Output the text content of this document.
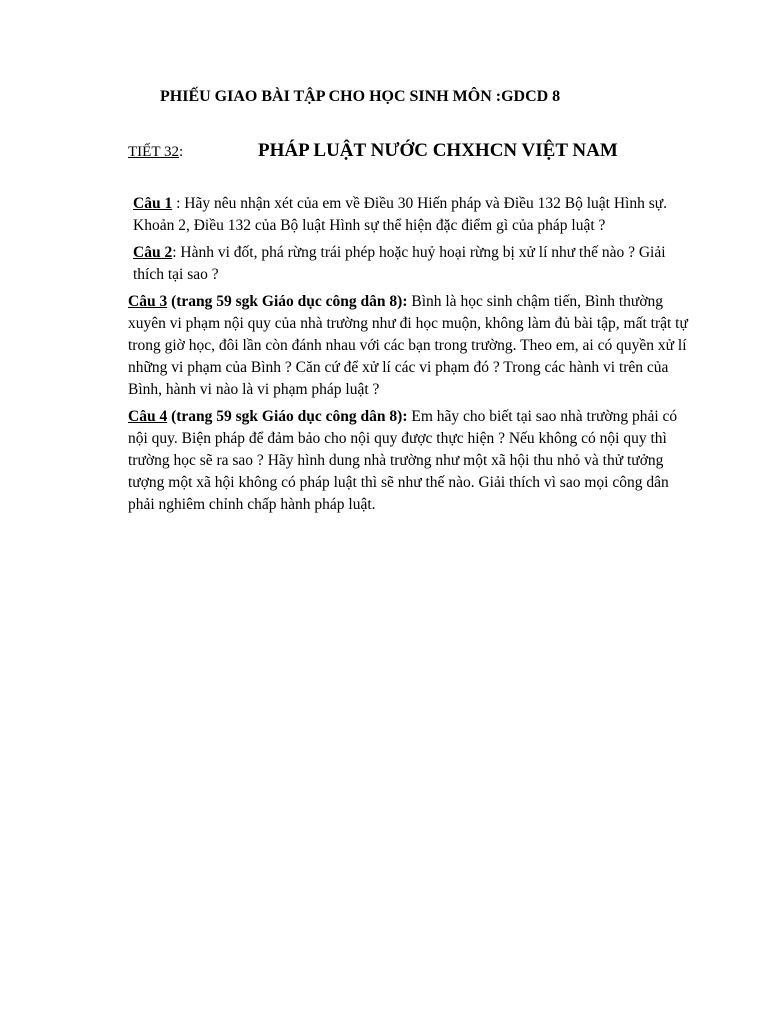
PHIẾU GIAO BÀI TẬP CHO HỌC SINH MÔN :GDCD 8
TIẾT 32:	PHÁP LUẬT NƯỚC CHXHCN VIỆT NAM

Câu 1 : Hãy nêu nhận xét của em về Điều 30 Hiến pháp và Điều 132 Bộ luật Hình sự. Khoản 2, Điều 132 của Bộ luật Hình sự thể hiện đặc điểm gì của pháp luật ?

Câu 2: Hành vi đốt, phá rừng trái phép hoặc huỷ hoại rừng bị xử lí như thế nào ? Giải thích tại sao ?

Câu 3 (trang 59 sgk Giáo dục công dân 8): Bình là học sinh chậm tiến, Bình thường xuyên vi phạm nội quy của nhà trường như đi học muộn, không làm đủ bài tập, mất trật tự trong giờ học, đôi lần còn đánh nhau với các bạn trong trường. Theo em, ai có quyền xử lí những vi phạm của Bình ? Căn cứ để xử lí các vi phạm đó ? Trong các hành vi trên của Bình, hành vi nào là vi phạm pháp luật ?

Câu 4 (trang 59 sgk Giáo dục công dân 8): Em hãy cho biết tại sao nhà trường phải có nội quy. Biện pháp để đảm bảo cho nội quy được thực hiện ? Nếu không có nội quy thì trường học sẽ ra sao ? Hãy hình dung nhà trường như một xã hội thu nhỏ và thử tưởng tượng một xã hội không có pháp luật thì sẽ như thế nào. Giải thích vì sao mọi công dân phải nghiêm chỉnh chấp hành pháp luật.
